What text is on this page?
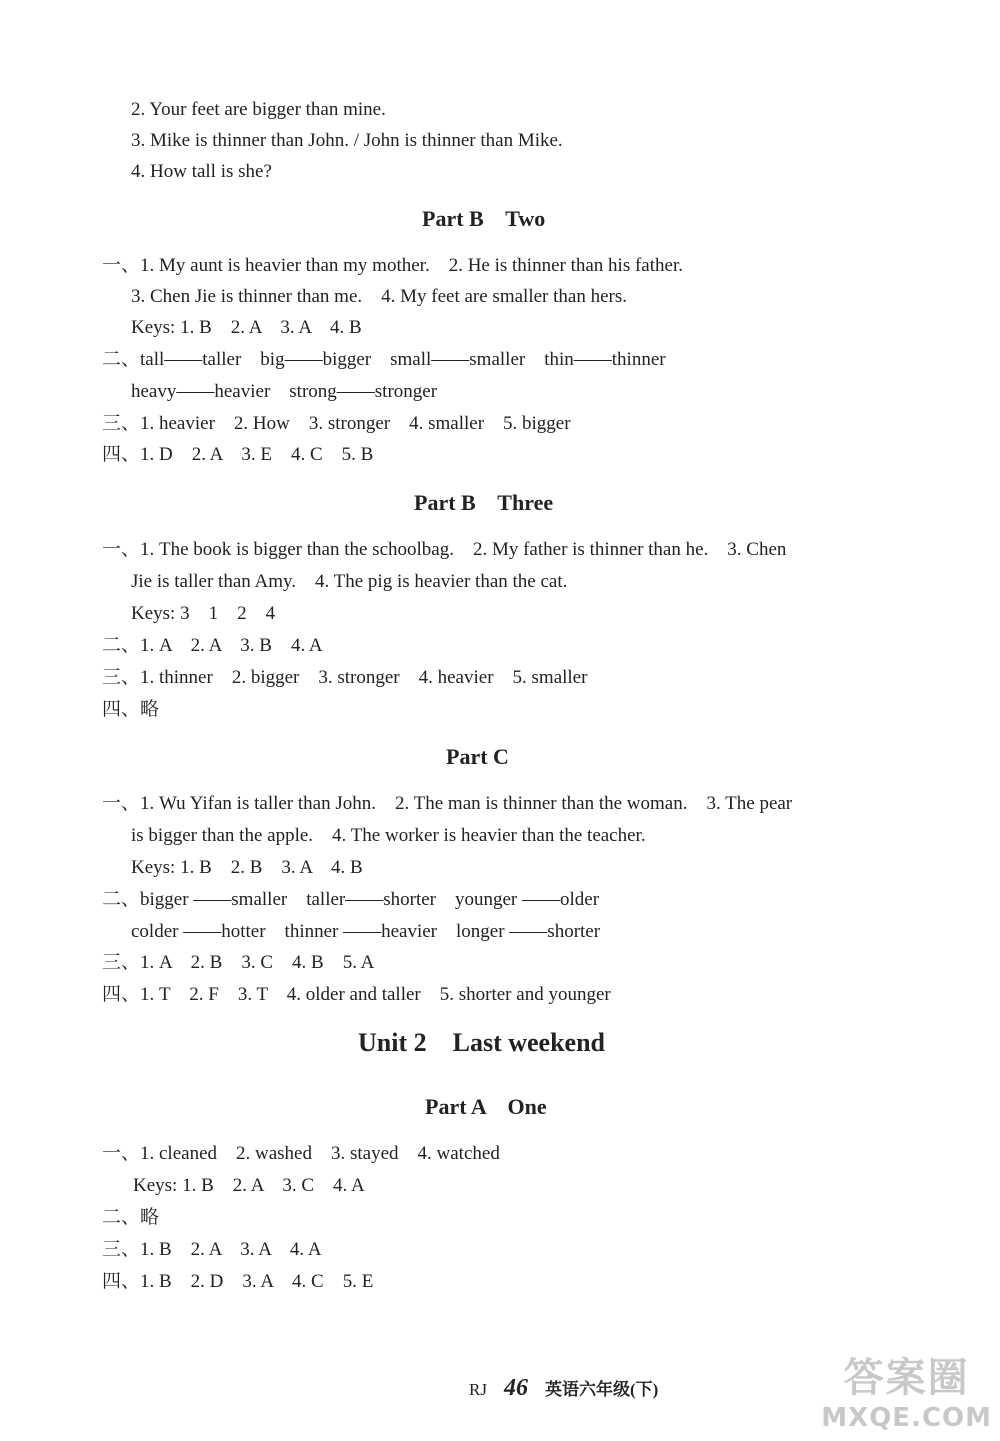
2. Your feet are bigger than mine.
3. Mike is thinner than John. / John is thinner than Mike.
4. How tall is she?
Part B    Two
一、1. My aunt is heavier than my mother.    2. He is thinner than his father.
3. Chen Jie is thinner than me.    4. My feet are smaller than hers.
Keys: 1. B    2. A    3. A    4. B
二、tall——taller    big——bigger    small——smaller    thin——thinner
heavy——heavier    strong——stronger
三、1. heavier    2. How    3. stronger    4. smaller    5. bigger
四、1. D    2. A    3. E    4. C    5. B
Part B    Three
一、1. The book is bigger than the schoolbag.    2. My father is thinner than he.    3. Chen
Jie is taller than Amy.    4. The pig is heavier than the cat.
Keys: 3    1    2    4
二、1. A    2. A    3. B    4. A
三、1. thinner    2. bigger    3. stronger    4. heavier    5. smaller
四、略
Part C
一、1. Wu Yifan is taller than John.    2. The man is thinner than the woman.    3. The pear
is bigger than the apple.    4. The worker is heavier than the teacher.
Keys: 1. B    2. B    3. A    4. B
二、bigger ——smaller    taller——shorter    younger ——older
colder ——hotter    thinner ——heavier    longer ——shorter
三、1. A    2. B    3. C    4. B    5. A
四、1. T    2. F    3. T    4. older and taller    5. shorter and younger
Unit 2    Last weekend
Part A    One
一、1. cleaned    2. washed    3. stayed    4. watched
Keys: 1. B    2. A    3. C    4. A
二、略
三、1. B    2. A    3. A    4. A
四、1. B    2. D    3. A    4. C    5. E

RJ 46 英语六年级(下)
	答案圈
MXQE.COM
